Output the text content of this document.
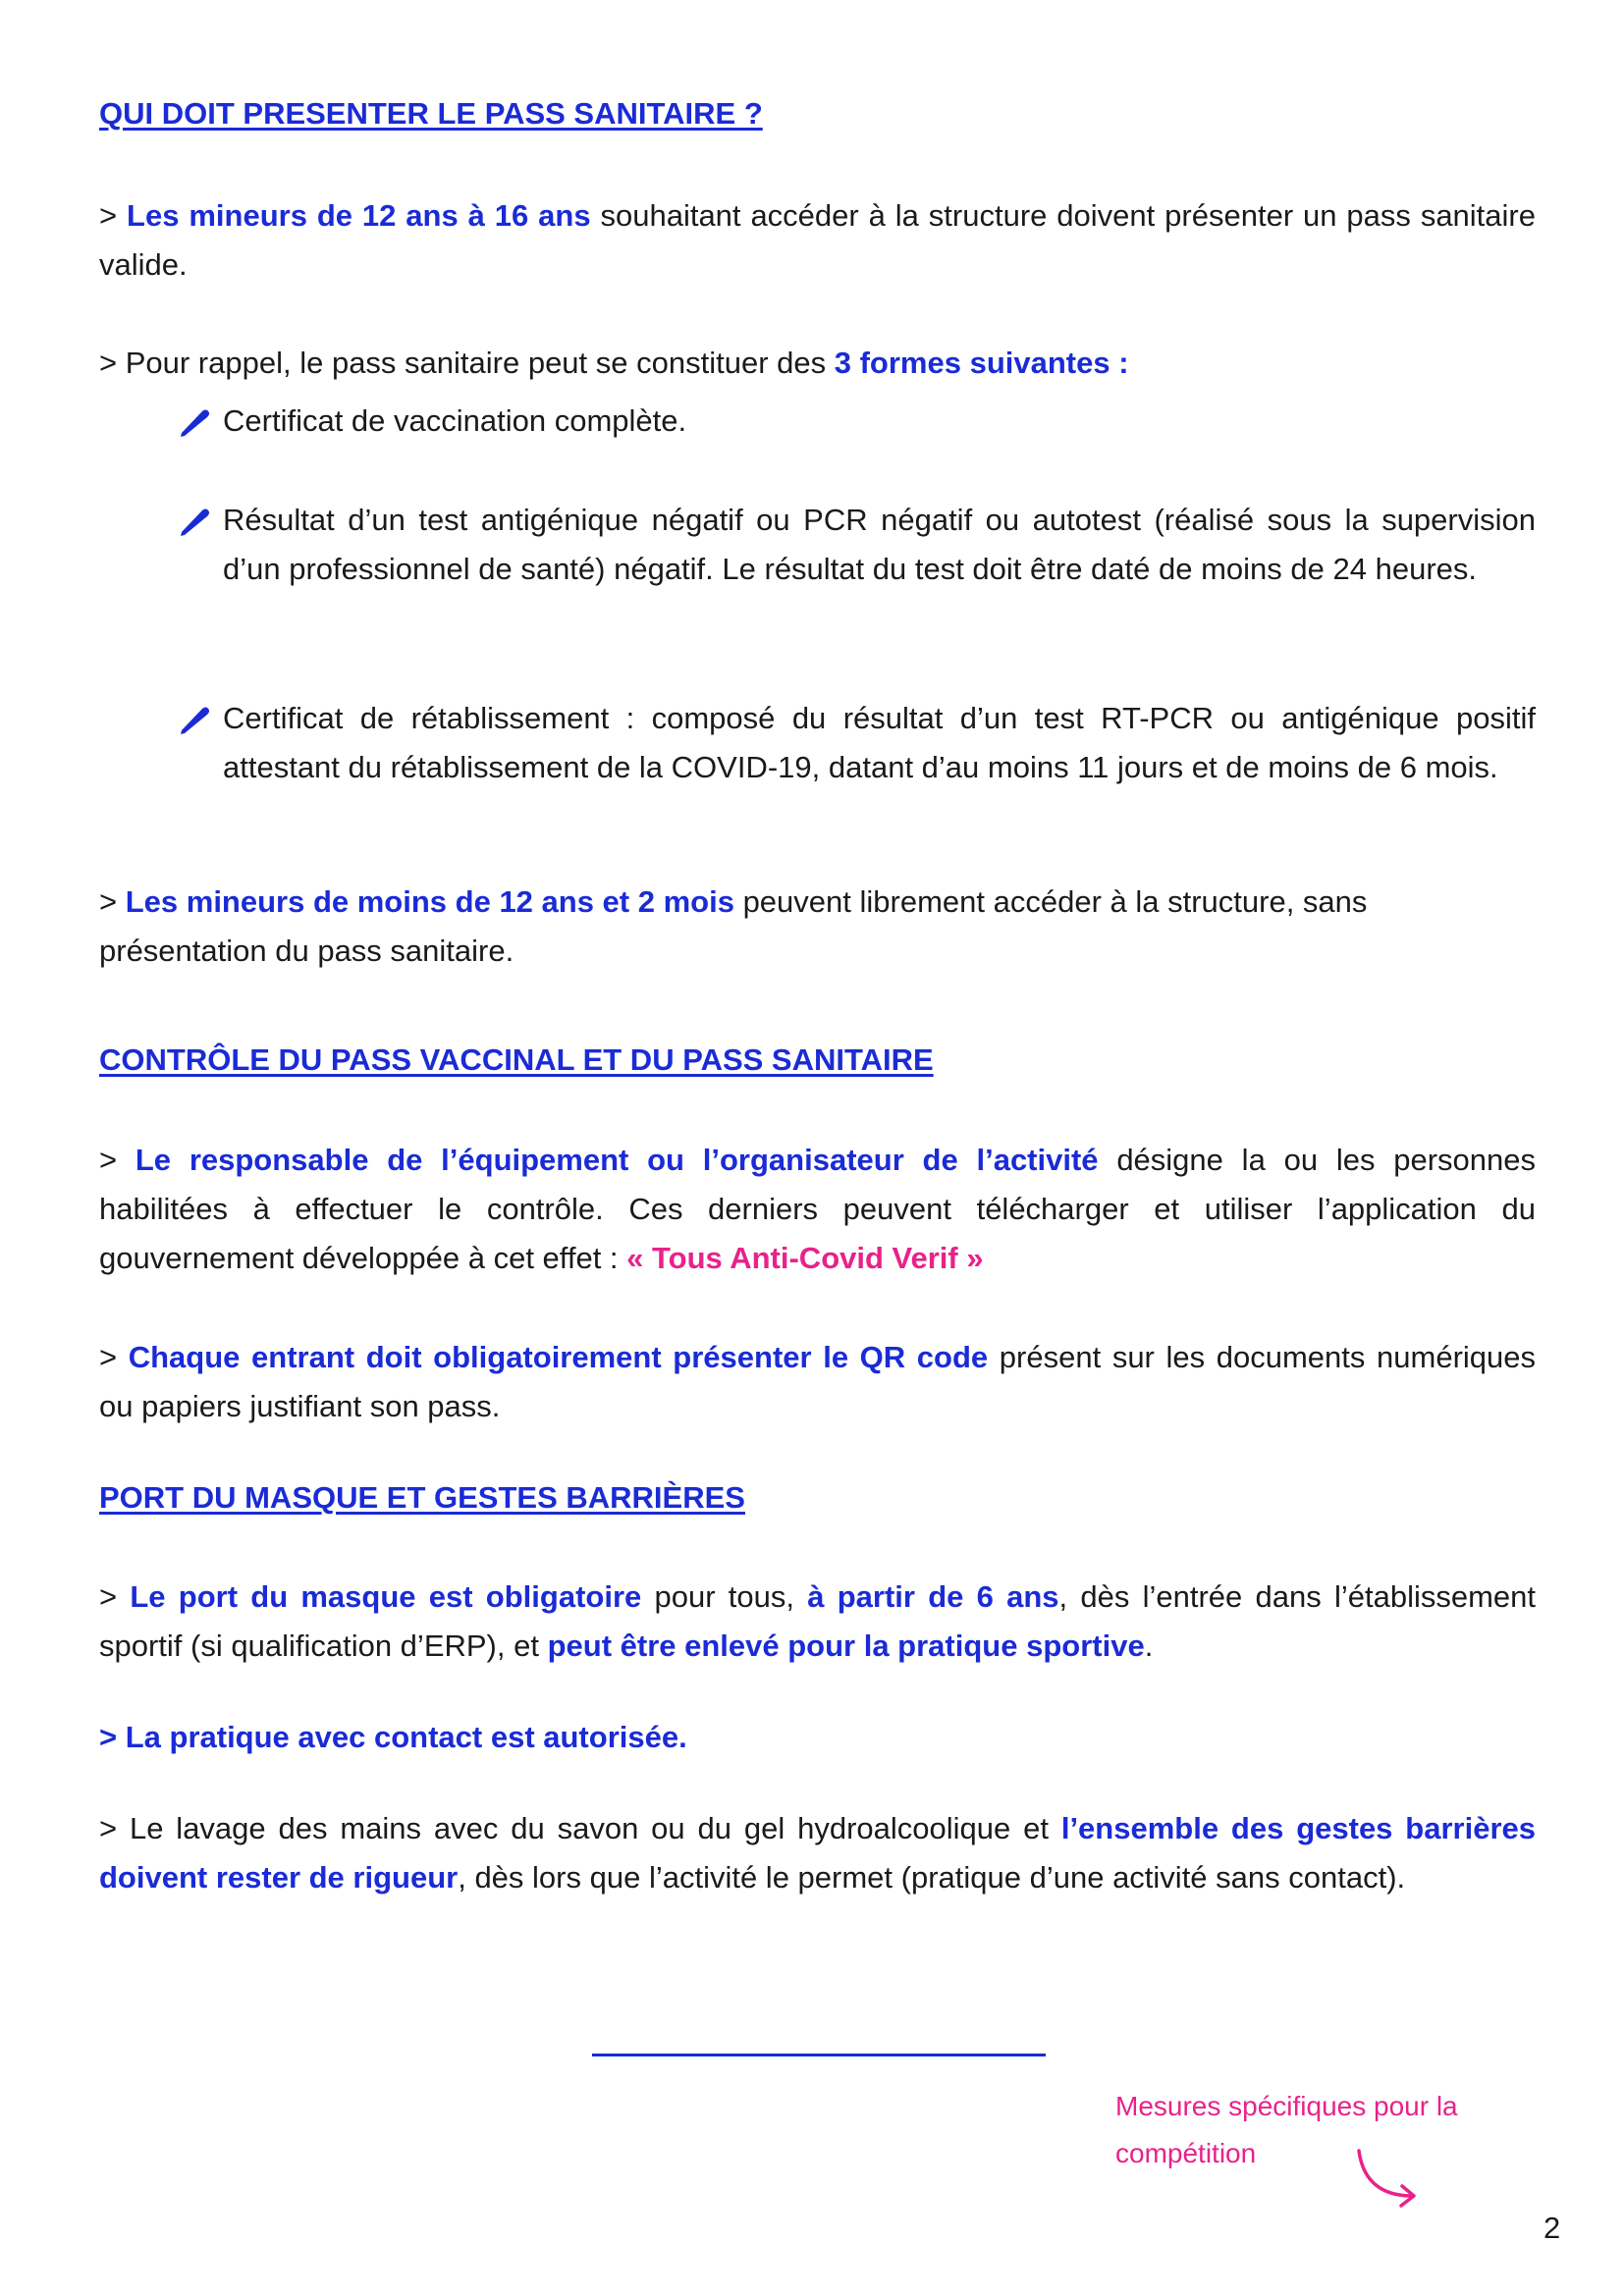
QUI DOIT PRESENTER LE PASS SANITAIRE ?

> Les mineurs de 12 ans à 16 ans souhaitant accéder à la structure doivent présenter un pass sanitaire valide.

> Pour rappel, le pass sanitaire peut se constituer des 3 formes suivantes :

Certificat de vaccination complète.
Résultat d’un test antigénique négatif ou PCR négatif ou autotest (réalisé sous la supervision d’un professionnel de santé) négatif. Le résultat du test doit être daté de moins de 24 heures.
Certificat de rétablissement : composé du résultat d’un test RT-PCR ou antigénique positif attestant du rétablissement de la COVID-19, datant d’au moins 11 jours et de moins de 6 mois.

> Les mineurs de moins de 12 ans et 2 mois peuvent librement accéder à la structure, sans présentation du pass sanitaire.

CONTRÔLE DU PASS VACCINAL ET DU PASS SANITAIRE

> Le responsable de l’équipement ou l’organisateur de l’activité désigne la ou les personnes habilitées à effectuer le contrôle. Ces derniers peuvent télécharger et utiliser l’application du gouvernement développée à cet effet : « Tous Anti-Covid Verif »

> Chaque entrant doit obligatoirement présenter le QR code présent sur les documents numériques ou papiers justifiant son pass.

PORT DU MASQUE ET GESTES BARRIÈRES

> Le port du masque est obligatoire pour tous, à partir de 6 ans, dès l’entrée dans l’établissement sportif (si qualification d’ERP), et peut être enlevé pour la pratique sportive.

> La pratique avec contact est autorisée.

> Le lavage des mains avec du savon ou du gel hydroalcoolique et l’ensemble des gestes barrières doivent rester de rigueur, dès lors que l’activité le permet (pratique d’une activité sans contact).

Mesures spécifiques pour la compétition
2
